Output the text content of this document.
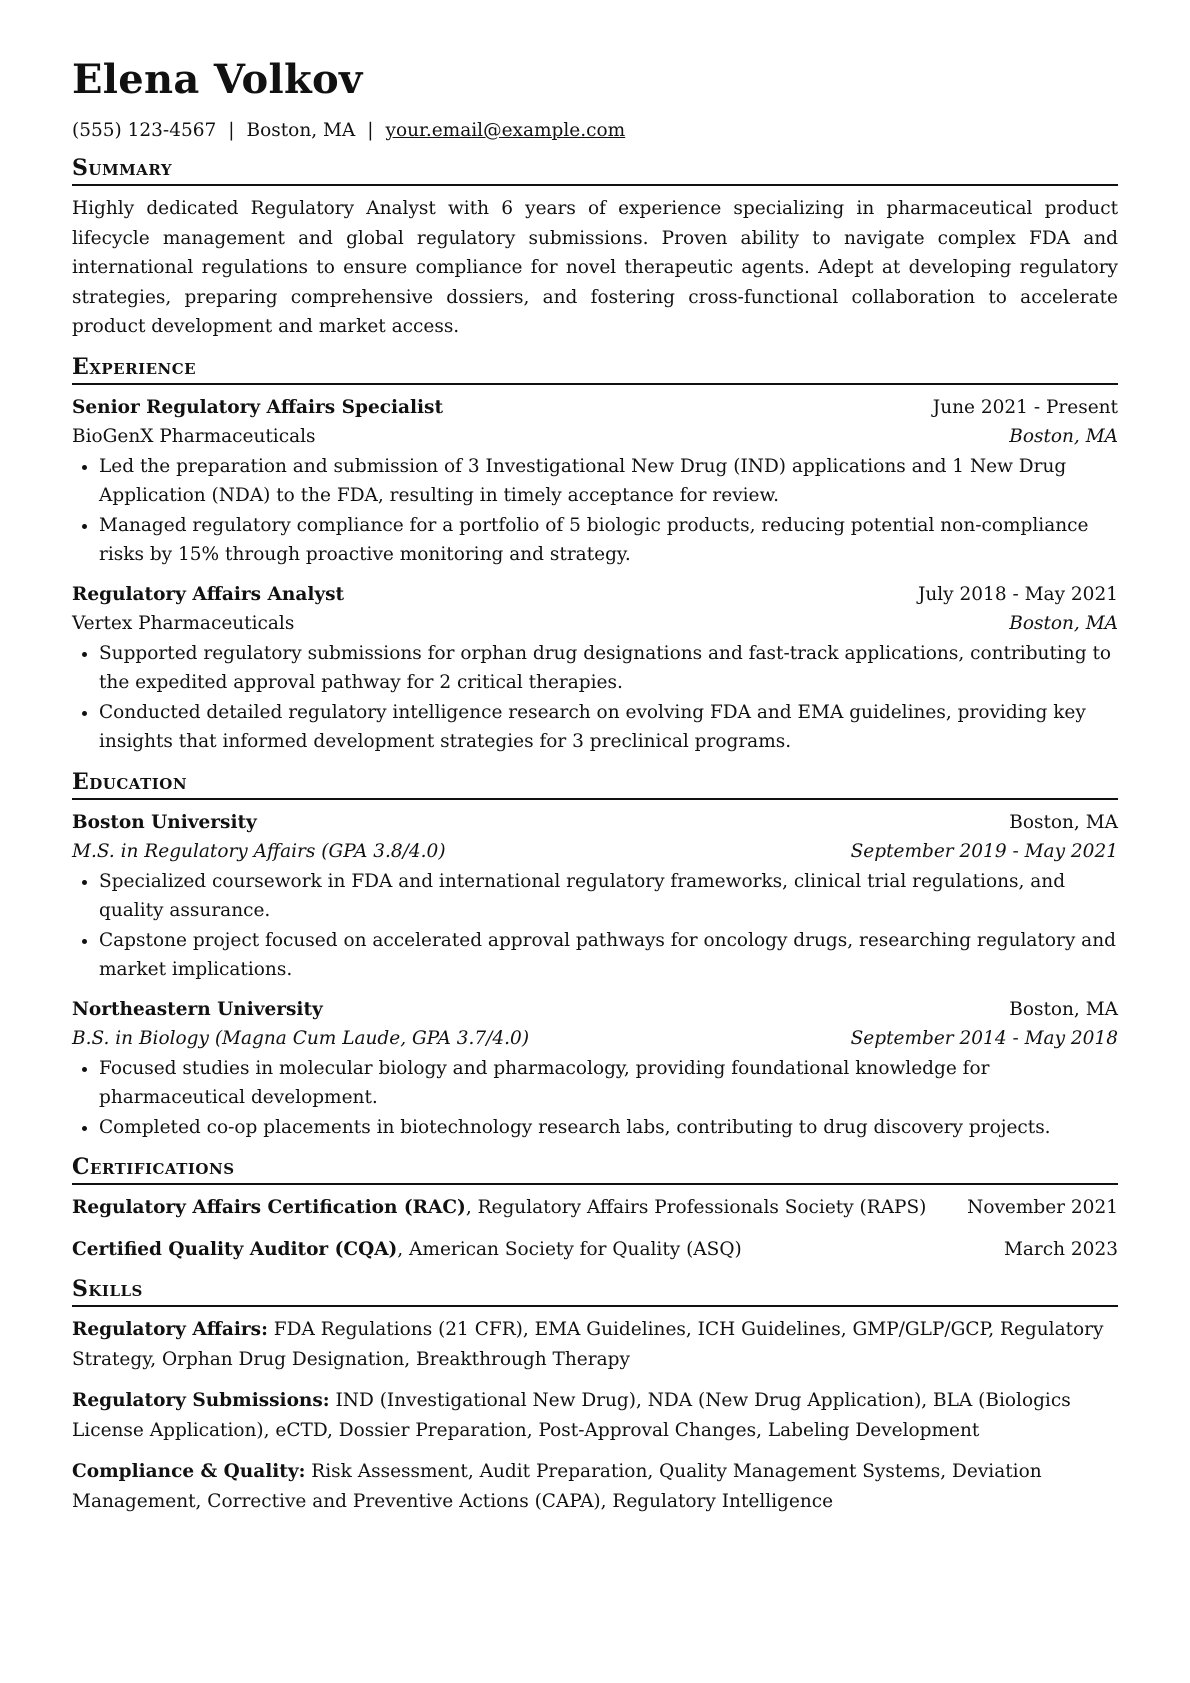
Elena Volkov
(555) 123-4567 | Boston, MA | your.email@example.com
Summary

Highly dedicated Regulatory Analyst with 6 years of experience specializing in pharmaceutical product lifecycle management and global regulatory submissions. Proven ability to navigate complex FDA and international regulations to ensure compliance for novel therapeutic agents. Adept at developing regulatory strategies, preparing comprehensive dossiers, and fostering cross-functional collaboration to accelerate product development and market access.

Experience
Senior Regulatory Affairs Specialist	June 2021 - Present
BioGenX Pharmaceuticals	Boston, MA
• Led the preparation and submission of 3 Investigational New Drug (IND) applications and 1 New Drug Application (NDA) to the FDA, resulting in timely acceptance for review.
• Managed regulatory compliance for a portfolio of 5 biologic products, reducing potential non-compliance risks by 15% through proactive monitoring and strategy.
Regulatory Affairs Analyst	July 2018 - May 2021
Vertex Pharmaceuticals	Boston, MA
• Supported regulatory submissions for orphan drug designations and fast-track applications, contributing to the expedited approval pathway for 2 critical therapies.
• Conducted detailed regulatory intelligence research on evolving FDA and EMA guidelines, providing key insights that informed development strategies for 3 preclinical programs.
Education
Boston University	Boston, MA
M.S. in Regulatory Affairs (GPA 3.8/4.0)	September 2019 - May 2021
• Specialized coursework in FDA and international regulatory frameworks, clinical trial regulations, and quality assurance.
• Capstone project focused on accelerated approval pathways for oncology drugs, researching regulatory and market implications.
Northeastern University	Boston, MA
B.S. in Biology (Magna Cum Laude, GPA 3.7/4.0)	September 2014 - May 2018
• Focused studies in molecular biology and pharmacology, providing foundational knowledge for pharmaceutical development.
• Completed co-op placements in biotechnology research labs, contributing to drug discovery projects.
Certifications
Regulatory Affairs Certification (RAC), Regulatory Affairs Professionals Society (RAPS)	November 2021
Certified Quality Auditor (CQA), American Society for Quality (ASQ)	March 2023
Skills
Regulatory Affairs: FDA Regulations (21 CFR), EMA Guidelines, ICH Guidelines, GMP/GLP/GCP, Regulatory Strategy, Orphan Drug Designation, Breakthrough Therapy
Regulatory Submissions: IND (Investigational New Drug), NDA (New Drug Application), BLA (Biologics License Application), eCTD, Dossier Preparation, Post-Approval Changes, Labeling Development
Compliance & Quality: Risk Assessment, Audit Preparation, Quality Management Systems, Deviation Management, Corrective and Preventive Actions (CAPA), Regulatory Intelligence
